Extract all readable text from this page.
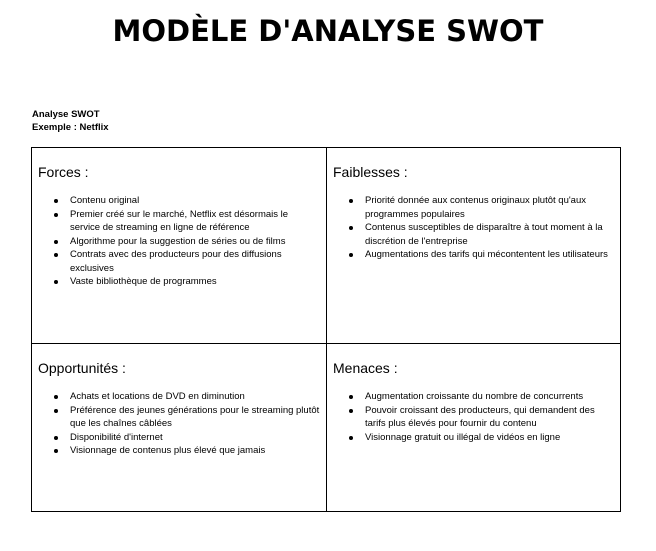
MODÈLE D'ANALYSE SWOT
Analyse SWOT
Exemple : Netflix
Forces :
Contenu original
Premier créé sur le marché, Netflix est désormais le service de streaming en ligne de référence
Algorithme pour la suggestion de séries ou de films
Contrats avec des producteurs pour des diffusions exclusives
Vaste bibliothèque de programmes
Faiblesses :
Priorité donnée aux contenus originaux plutôt qu'aux programmes populaires
Contenus susceptibles de disparaître à tout moment à la discrétion de l'entreprise
Augmentations des tarifs qui mécontentent les utilisateurs
Opportunités :
Achats et locations de DVD en diminution
Préférence des jeunes générations pour le streaming plutôt que les chaînes câblées
Disponibilité d'internet
Visionnage de contenus plus élevé que jamais
Menaces :
Augmentation croissante du nombre de concurrents
Pouvoir croissant des producteurs, qui demandent des tarifs plus élevés pour fournir du contenu
Visionnage gratuit ou illégal de vidéos en ligne
